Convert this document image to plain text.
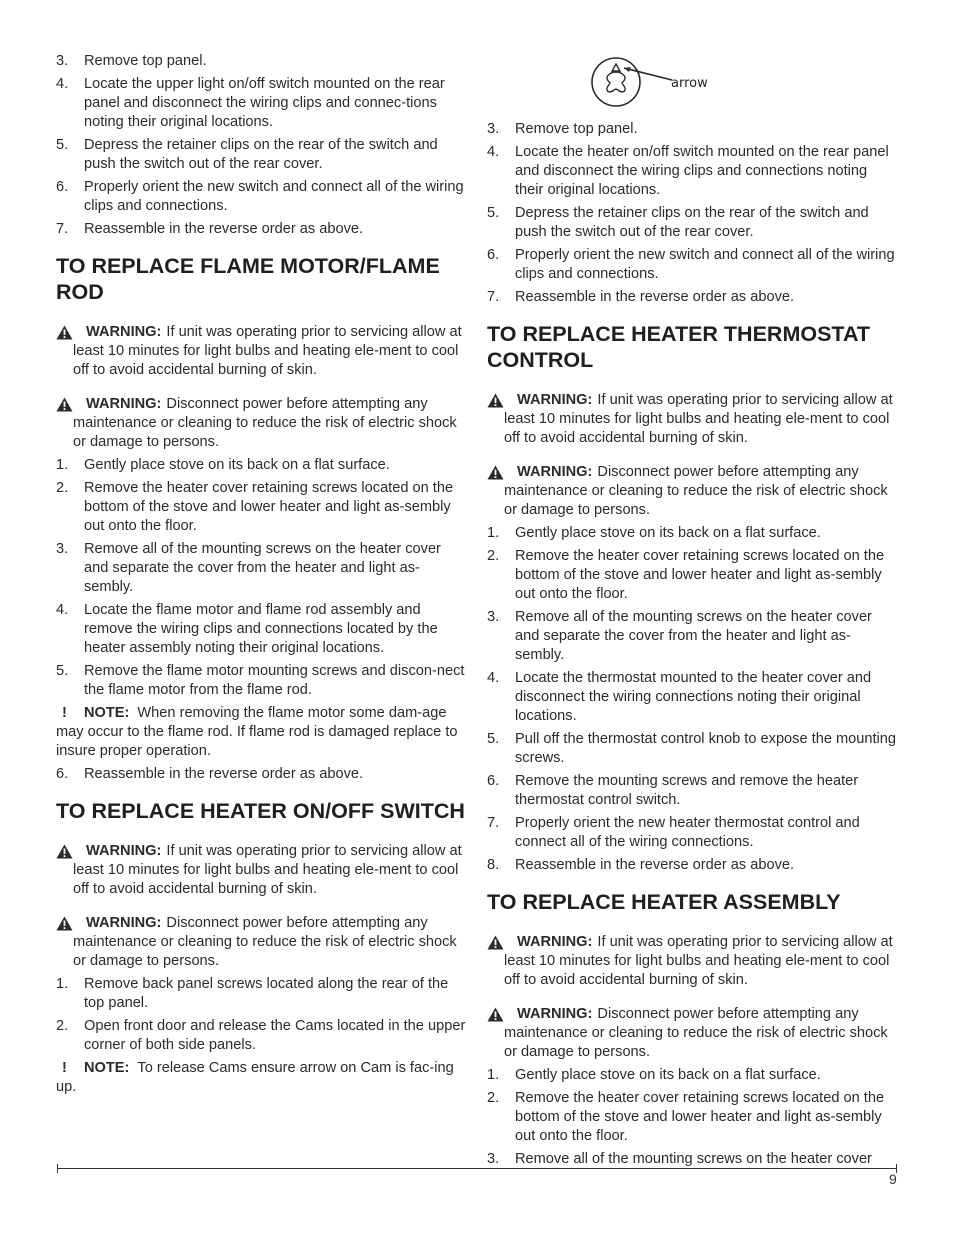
3. Remove top panel.
4. Locate the upper light on/off switch mounted on the rear panel and disconnect the wiring clips and connec-tions noting their original locations.
5. Depress the retainer clips on the rear of the switch and push the switch out of the rear cover.
6. Properly orient the new switch and connect all of the wiring clips and connections.
7. Reassemble in the reverse order as above.
TO REPLACE FLAME MOTOR/FLAME ROD
WARNING: If unit was operating prior to servicing allow at least 10 minutes for light bulbs and heating ele-ment to cool off to avoid accidental burning of skin.
WARNING: Disconnect power before attempting any maintenance or cleaning to reduce the risk of electric shock or damage to persons.
1. Gently place stove on its back on a flat surface.
2. Remove the heater cover retaining screws located on the bottom of the stove and lower heater and light as-sembly out onto the floor.
3. Remove all of the mounting screws on the heater cover and separate the cover from the heater and light as-sembly.
4. Locate the flame motor and flame rod assembly and remove the wiring clips and connections located by the heater assembly noting their original locations.
5. Remove the flame motor mounting screws and discon-nect the flame motor from the flame rod.

! NOTE: When removing the flame motor some dam-age may occur to the flame rod. If flame rod is damaged replace to insure proper operation.

6. Reassemble in the reverse order as above.
TO REPLACE HEATER ON/OFF SWITCH
WARNING: If unit was operating prior to servicing allow at least 10 minutes for light bulbs and heating ele-ment to cool off to avoid accidental burning of skin.
WARNING: Disconnect power before attempting any maintenance or cleaning to reduce the risk of electric shock or damage to persons.
1. Remove back panel screws located along the rear of the top panel.
2. Open front door and release the Cams located in the upper corner of both side panels.

! NOTE: To release Cams ensure arrow on Cam is fac-ing up.

arrow
3. Remove top panel.
4. Locate the heater on/off switch mounted on the rear panel and disconnect the wiring clips and connections noting their original locations.
5. Depress the retainer clips on the rear of the switch and push the switch out of the rear cover.
6. Properly orient the new switch and connect all of the wiring clips and connections.
7. Reassemble in the reverse order as above.
TO REPLACE HEATER THERMOSTAT CONTROL
WARNING: If unit was operating prior to servicing allow at least 10 minutes for light bulbs and heating ele-ment to cool off to avoid accidental burning of skin.
WARNING: Disconnect power before attempting any maintenance or cleaning to reduce the risk of electric shock or damage to persons.
1. Gently place stove on its back on a flat surface.
2. Remove the heater cover retaining screws located on the bottom of the stove and lower heater and light as-sembly out onto the floor.
3. Remove all of the mounting screws on the heater cover and separate the cover from the heater and light as-sembly.
4. Locate the thermostat mounted to the heater cover and disconnect the wiring connections noting their original locations.
5. Pull off the thermostat control knob to expose the mounting screws.
6. Remove the mounting screws and remove the heater thermostat control switch.
7. Properly orient the new heater thermostat control and connect all of the wiring connections.
8. Reassemble in the reverse order as above.
TO REPLACE HEATER ASSEMBLY
WARNING: If unit was operating prior to servicing allow at least 10 minutes for light bulbs and heating ele-ment to cool off to avoid accidental burning of skin.
WARNING: Disconnect power before attempting any maintenance or cleaning to reduce the risk of electric shock or damage to persons.
1. Gently place stove on its back on a flat surface.
2. Remove the heater cover retaining screws located on the bottom of the stove and lower heater and light as-sembly out onto the floor.
3. Remove all of the mounting screws on the heater cover
9
